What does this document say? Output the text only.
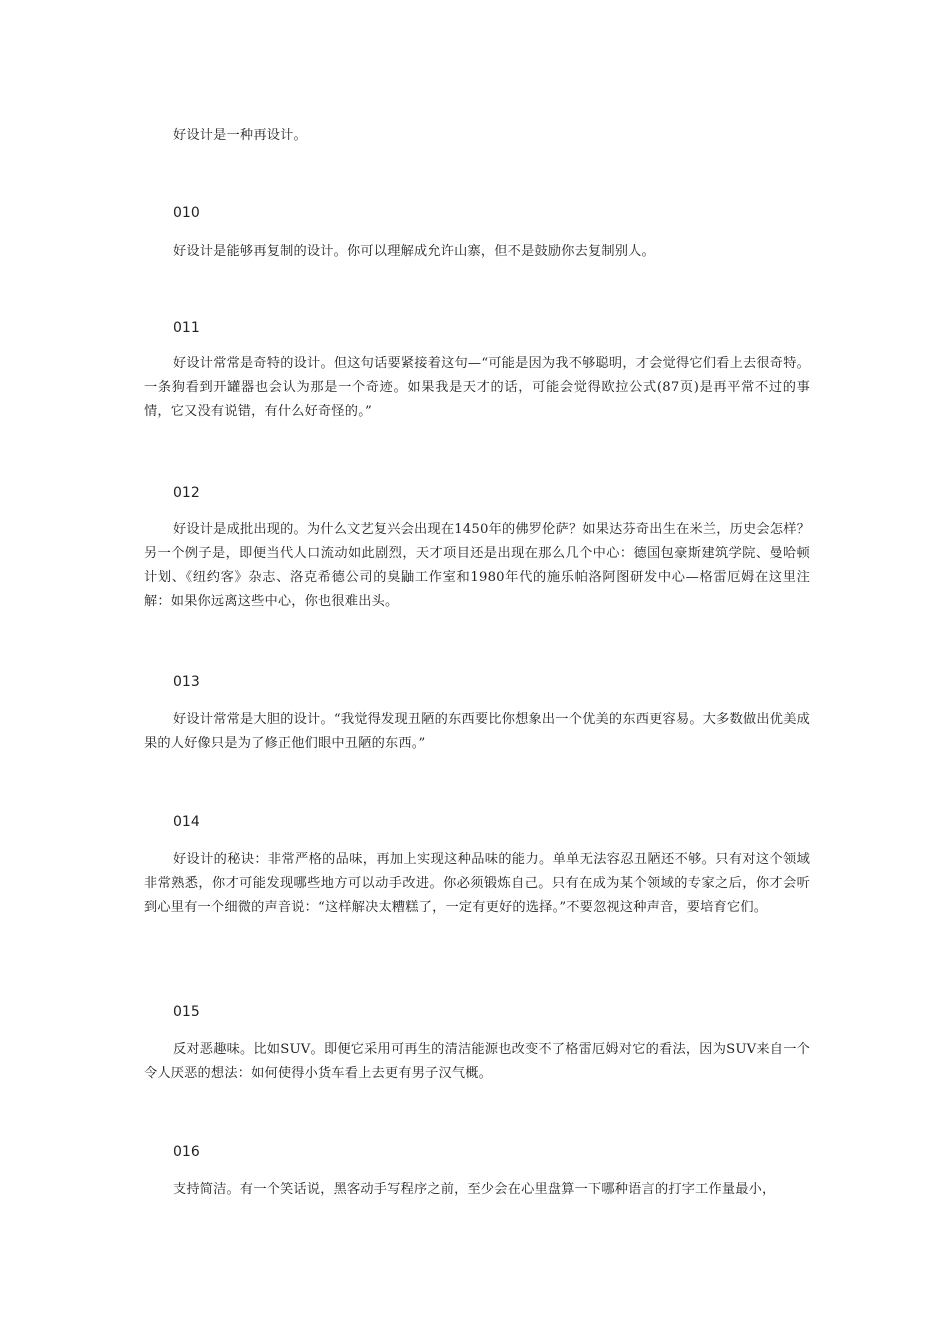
好设计是一种再设计。

010

好设计是能够再复制的设计。你可以理解成允许山寨，但不是鼓励你去复制别人。

011

好设计常常是奇特的设计。但这句话要紧接着这句—“可能是因为我不够聪明，才会觉得它们看上去很奇特。一条狗看到开罐器也会认为那是一个奇迹。如果我是天才的话，可能会觉得欧拉公式(87页)是再平常不过的事情，它又没有说错，有什么好奇怪的。”

012

好设计是成批出现的。为什么文艺复兴会出现在1450年的佛罗伦萨？如果达芬奇出生在米兰，历史会怎样？另一个例子是，即便当代人口流动如此剧烈，天才项目还是出现在那么几个中心：德国包豪斯建筑学院、曼哈顿计划、《纽约客》杂志、洛克希德公司的臭鼬工作室和1980年代的施乐帕洛阿图研发中心—格雷厄姆在这里注解：如果你远离这些中心，你也很难出头。

013

好设计常常是大胆的设计。“我觉得发现丑陋的东西要比你想象出一个优美的东西更容易。大多数做出优美成果的人好像只是为了修正他们眼中丑陋的东西。”

014

好设计的秘诀：非常严格的品味，再加上实现这种品味的能力。单单无法容忍丑陋还不够。只有对这个领域非常熟悉，你才可能发现哪些地方可以动手改进。你必须锻炼自己。只有在成为某个领域的专家之后，你才会听到心里有一个细微的声音说：“这样解决太糟糕了，一定有更好的选择。”不要忽视这种声音，要培育它们。

015

反对恶趣味。比如SUV。即便它采用可再生的清洁能源也改变不了格雷厄姆对它的看法，因为SUV来自一个令人厌恶的想法：如何使得小货车看上去更有男子汉气概。

016

支持简洁。有一个笑话说，黑客动手写程序之前，至少会在心里盘算一下哪种语言的打字工作量最小，
